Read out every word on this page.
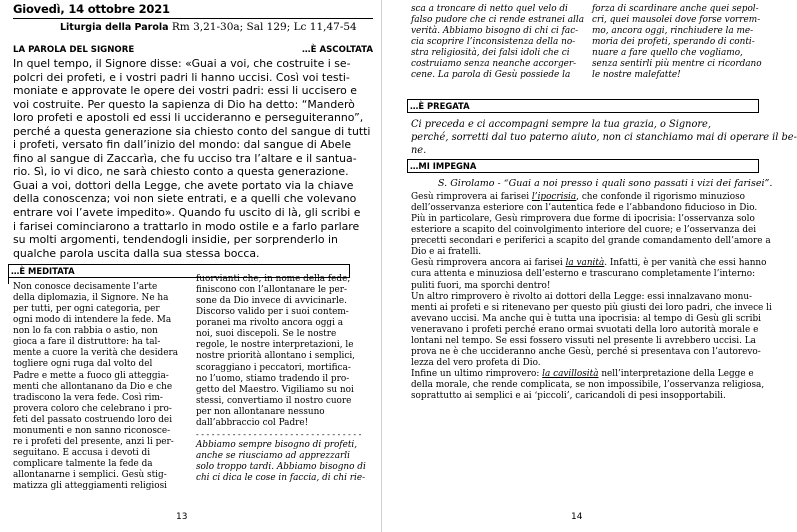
Giovedì, 14 ottobre 2021
Liturgia della Parola Rm 3,21-30a; Sal 129; Lc 11,47-54
LA PAROLA DEL SIGNORE	…È ASCOLTATA
In quel tempo, il Signore disse: «Guai a voi, che costruite i se-
polcri dei profeti, e i vostri padri li hanno uccisi. Così voi testi-
moniate e approvate le opere dei vostri padri: essi li uccisero e
voi costruite. Per questo la sapienza di Dio ha detto: “Manderò
loro profeti e apostoli ed essi li uccideranno e perseguiteranno”,
perché a questa generazione sia chiesto conto del sangue di tutti
i profeti, versato fin dall’inizio del mondo: dal sangue di Abele
fino al sangue di Zaccarìa, che fu ucciso tra l’altare e il santua-
rio. Sì, io vi dico, ne sarà chiesto conto a questa generazione.
Guai a voi, dottori della Legge, che avete portato via la chiave
della conoscenza; voi non siete entrati, e a quelli che volevano
entrare voi l’avete impedito». Quando fu uscito di là, gli scribi e
i farisei cominciarono a trattarlo in modo ostile e a farlo parlare
su molti argomenti, tendendogli insidie, per sorprenderlo in
qualche parola uscita dalla sua stessa bocca.
…È MEDITATA
Non conosce decisamente l’arte
della diplomazia, il Signore. Ne ha
per tutti, per ogni categoria, per
ogni modo di intendere la fede. Ma
non lo fa con rabbia o astio, non
gioca a fare il distruttore: ha tal-
mente a cuore la verità che desidera
togliere ogni ruga dal volto del
Padre e mette a fuoco gli atteggia-
menti che allontanano da Dio e che
tradiscono la vera fede. Così rim-
provera coloro che celebrano i pro-
feti del passato costruendo loro dei
monumenti e non sanno riconosce-
re i profeti del presente, anzi li per-
seguitano. E accusa i devoti di
complicare talmente la fede da
allontanarne i semplici. Gesù stig-
matizza gli atteggiamenti religiosi
fuorvianti che, in nome della fede,
finiscono con l’allontanare le per-
sone da Dio invece di avvicinarle.
Discorso valido per i suoi contem-
poranei ma rivolto ancora oggi a
noi, suoi discepoli. Se le nostre
regole, le nostre interpretazioni, le
nostre priorità allontano i semplici,
scoraggiano i peccatori, mortifica-
no l’uomo, stiamo tradendo il pro-
getto del Maestro. Vigiliamo su noi
stessi, convertiamo il nostro cuore
per non allontanare nessuno
dall’abbraccio col Padre!
- - - - - - - - - - - - - - - - - - - - - - - - - - - - - - - -
Abbiamo sempre bisogno di profeti,
anche se riusciamo ad apprezzarli
solo troppo tardi. Abbiamo bisogno di
chi ci dica le cose in faccia, di chi rie-
13
sca a troncare di netto quel velo di
falso pudore che ci rende estranei alla
verità. Abbiamo bisogno di chi ci fac-
cia scoprire l’inconsistenza della no-
stra religiosità, dei falsi idoli che ci
costruiamo senza neanche accorger-
cene. La parola di Gesù possiede la
forza di scardinare anche quei sepol-
cri, quei mausolei dove forse vorrem-
mo, ancora oggi, rinchiudere la me-
moria dei profeti, sperando di conti-
nuare a fare quello che vogliamo,
senza sentirli più mentre ci ricordano
le nostre malefatte!
…È PREGATA
Ci preceda e ci accompagni sempre la tua grazia, o Signore,
perché, sorretti dal tuo paterno aiuto, non ci stanchiamo mai di operare il be-
ne.
…MI IMPEGNA
S. Girolamo - “Guai a noi presso i quali sono passati i vizi dei farisei”.
Gesù rimprovera ai farisei l’ipocrisia, che confonde il rigorismo minuzioso
dell’osservanza esteriore con l’autentica fede e l’abbandono fiducioso in Dio.
Più in particolare, Gesù rimprovera due forme di ipocrisia: l’osservanza solo
esteriore a scapito del coinvolgimento interiore del cuore; e l’osservanza dei
precetti secondari e periferici a scapito del grande comandamento dell’amore a
Dio e ai fratelli.
Gesù rimprovera ancora ai farisei la vanità. Infatti, è per vanità che essi hanno
cura attenta e minuziosa dell’esterno e trascurano completamente l’interno:
puliti fuori, ma sporchi dentro!
Un altro rimprovero è rivolto ai dottori della Legge: essi innalzavano monu-
menti ai profeti e si ritenevano per questo più giusti dei loro padri, che invece li
avevano uccisi. Ma anche qui è tutta una ipocrisia: al tempo di Gesù gli scribi
veneravano i profeti perché erano ormai svuotati della loro autorità morale e
lontani nel tempo. Se essi fossero vissuti nel presente li avrebbero uccisi. La
prova ne è che uccideranno anche Gesù, perché si presentava con l’autorevo-
lezza del vero profeta di Dio.
Infine un ultimo rimprovero: la cavillosità nell’interpretazione della Legge e
della morale, che rende complicata, se non impossibile, l’osservanza religiosa,
soprattutto ai semplici e ai ‘piccoli’, caricandoli di pesi insopportabili.
14
